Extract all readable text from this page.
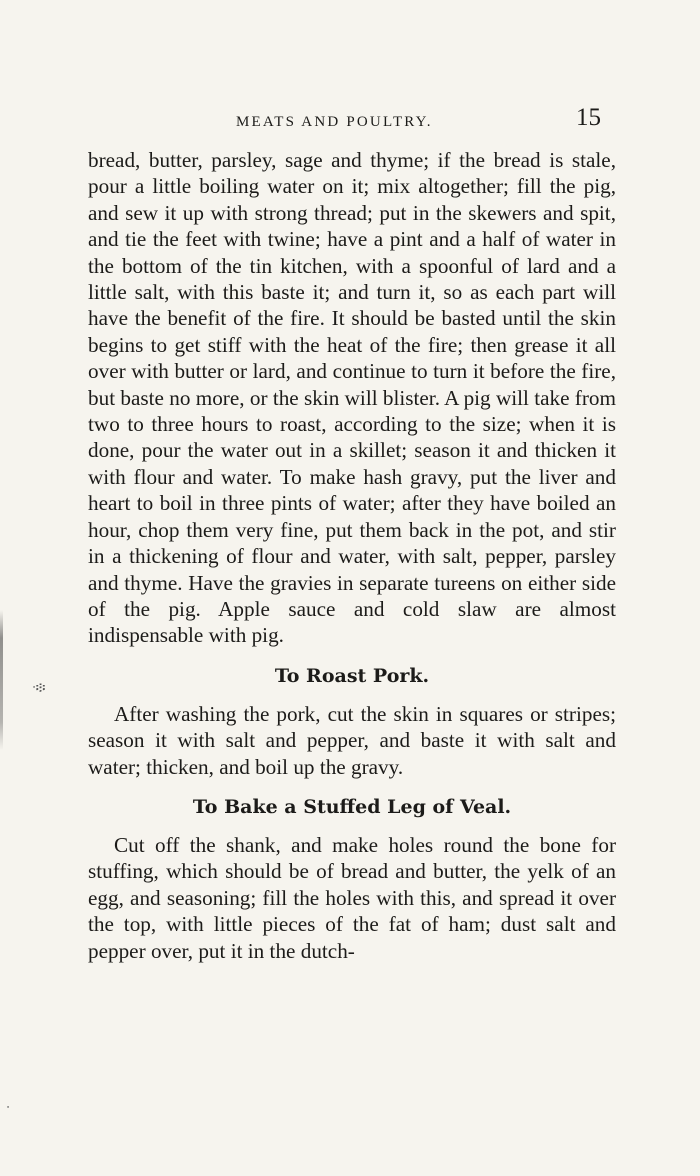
MEATS AND POULTRY.	15
ᐧ፨
ᐧ

bread, butter, parsley, sage and thyme; if the bread is stale, pour a little boiling water on it; mix altogether; fill the pig, and sew it up with strong thread; put in the skewers and spit, and tie the feet with twine; have a pint and a half of water in the bottom of the tin kitchen, with a spoonful of lard and a little salt, with this baste it; and turn it, so as each part will have the benefit of the fire. It should be basted until the skin begins to get stiff with the heat of the fire; then grease it all over with butter or lard, and continue to turn it before the fire, but baste no more, or the skin will blister. A pig will take from two to three hours to roast, according to the size; when it is done, pour the water out in a skillet; season it and thicken it with flour and water. To make hash gravy, put the liver and heart to boil in three pints of water; after they have boiled an hour, chop them very fine, put them back in the pot, and stir in a thickening of flour and water, with salt, pepper, parsley and thyme. Have the gravies in separate tureens on either side of the pig. Apple sauce and cold slaw are almost indispensable with pig.

To Roast Pork.

After washing the pork, cut the skin in squares or stripes; season it with salt and pepper, and baste it with salt and water; thicken, and boil up the gravy.

To Bake a Stuffed Leg of Veal.

Cut off the shank, and make holes round the bone for stuffing, which should be of bread and butter, the yelk of an egg, and seasoning; fill the holes with this, and spread it over the top, with little pieces of the fat of ham; dust salt and pepper over, put it in the dutch-
